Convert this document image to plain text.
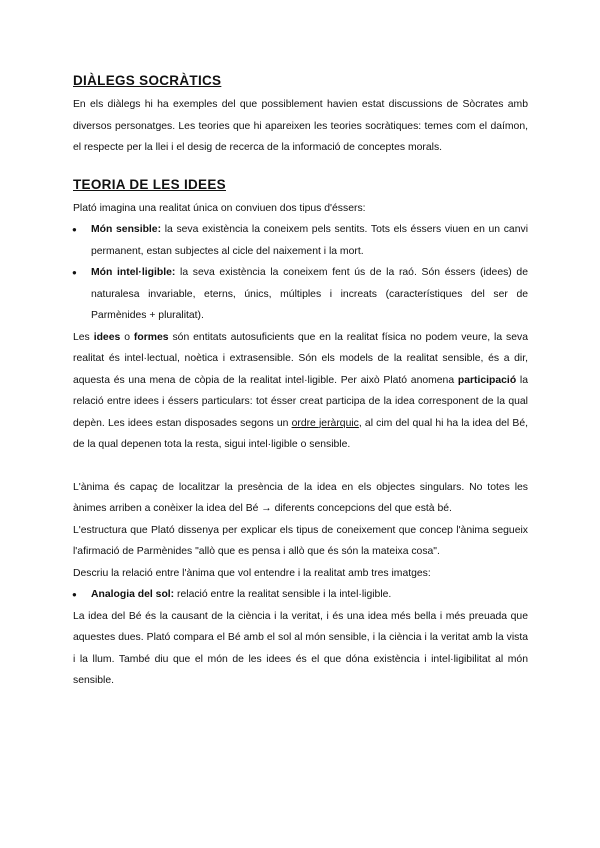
DIÀLEGS SOCRÀTICS

En els diàlegs hi ha exemples del que possiblement havien estat discussions de Sòcrates amb diversos personatges. Les teories que hi apareixen les teories socràtiques: temes com el daímon, el respecte per la llei i el desig de recerca de la informació de conceptes morals.

TEORIA DE LES IDEES

Plató imagina una realitat única on conviuen dos tipus d'éssers:

● Món sensible: la seva existència la coneixem pels sentits. Tots els éssers viuen en un canvi permanent, estan subjectes al cicle del naixement i la mort.
● Món intel·ligible: la seva existència la coneixem fent ús de la raó. Són éssers (idees) de naturalesa invariable, eterns, únics, múltiples i increats (característiques del ser de Parmènides + pluralitat).

Les idees o formes són entitats autosuficients que en la realitat física no podem veure, la seva realitat és intel·lectual, noètica i extrasensible. Són els models de la realitat sensible, és a dir, aquesta és una mena de còpia de la realitat intel·ligible. Per això Plató anomena participació la relació entre idees i éssers particulars: tot ésser creat participa de la idea corresponent de la qual depèn. Les idees estan disposades segons un ordre jeràrquic, al cim del qual hi ha la idea del Bé, de la qual depenen tota la resta, sigui intel·ligible o sensible.

L'ànima és capaç de localitzar la presència de la idea en els objectes singulars. No totes les ànimes arriben a conèixer la idea del Bé → diferents concepcions del que està bé.

L'estructura que Plató dissenya per explicar els tipus de coneixement que concep l'ànima segueix l'afirmació de Parmènides "allò que es pensa i allò que és són la mateixa cosa".

Descriu la relació entre l'ànima que vol entendre i la realitat amb tres imatges:

● Analogia del sol: relació entre la realitat sensible i la intel·ligible.

La idea del Bé és la causant de la ciència i la veritat, i és una idea més bella i més preuada que aquestes dues. Plató compara el Bé amb el sol al món sensible, i la ciència i la veritat amb la vista i la llum. També diu que el món de les idees és el que dóna existència i intel·ligibilitat al món sensible.
